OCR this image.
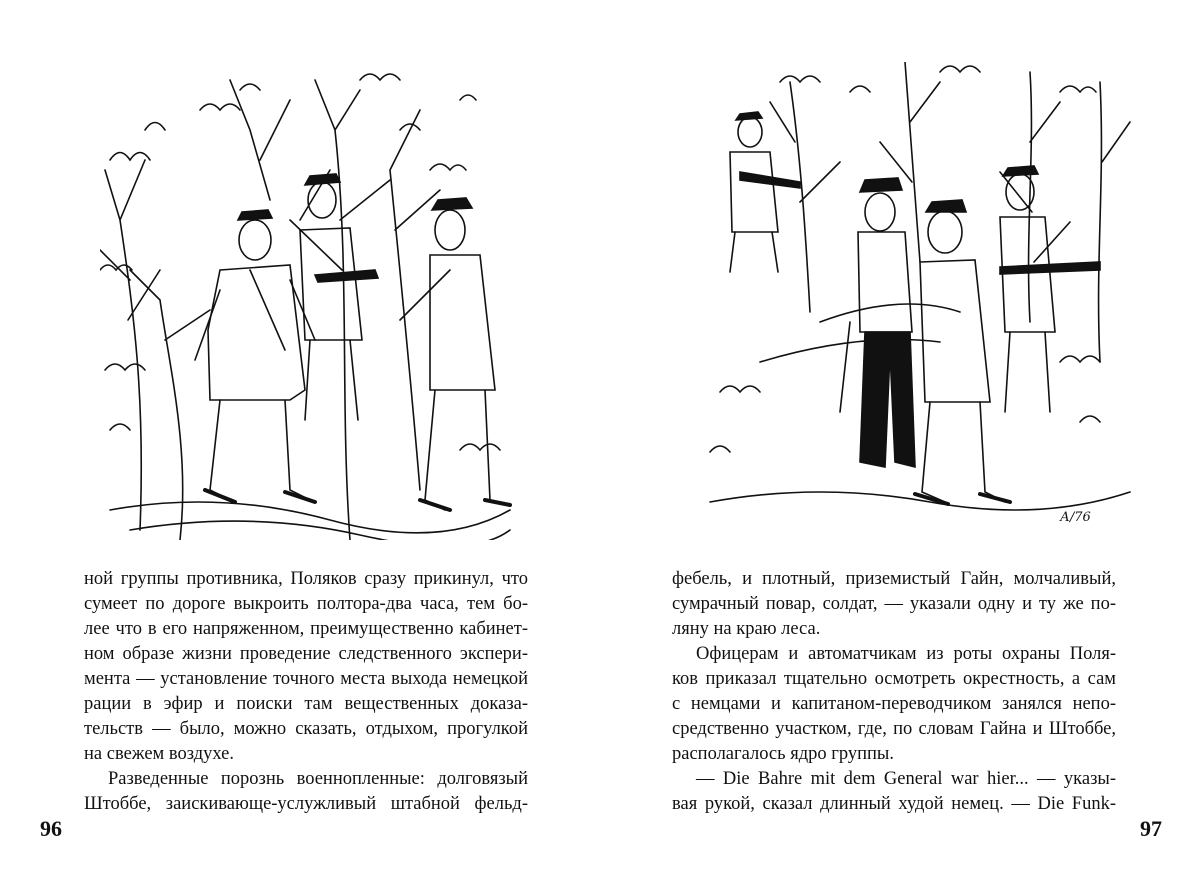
ной группы противника, Поляков сразу прикинул, что
сумеет по дороге выкроить полтора-два часа, тем бо-
лее что в его напряженном, преимущественно кабинет-
ном образе жизни проведение следственного экспери-
мента — установление точного места выхода немецкой
рации в эфир и поиски там вещественных доказа-
тельств — было, можно сказать, отдыхом, прогулкой
на свежем воздухе.
Разведенные порознь военнопленные: долговязый
Штоббе, заискивающе-услужливый штабной фельд-
96
А/76
фебель, и плотный, приземистый Гайн, молчаливый,
сумрачный повар, солдат, — указали одну и ту же по-
ляну на краю леса.
Офицерам и автоматчикам из роты охраны Поля-
ков приказал тщательно осмотреть окрестность, а сам
с немцами и капитаном-переводчиком занялся непо-
средственно участком, где, по словам Гайна и Штоббе,
располагалось ядро группы.
— Die Bahre mit dem General war hier... — указы-
вая рукой, сказал длинный худой немец. — Die Funk-
97
